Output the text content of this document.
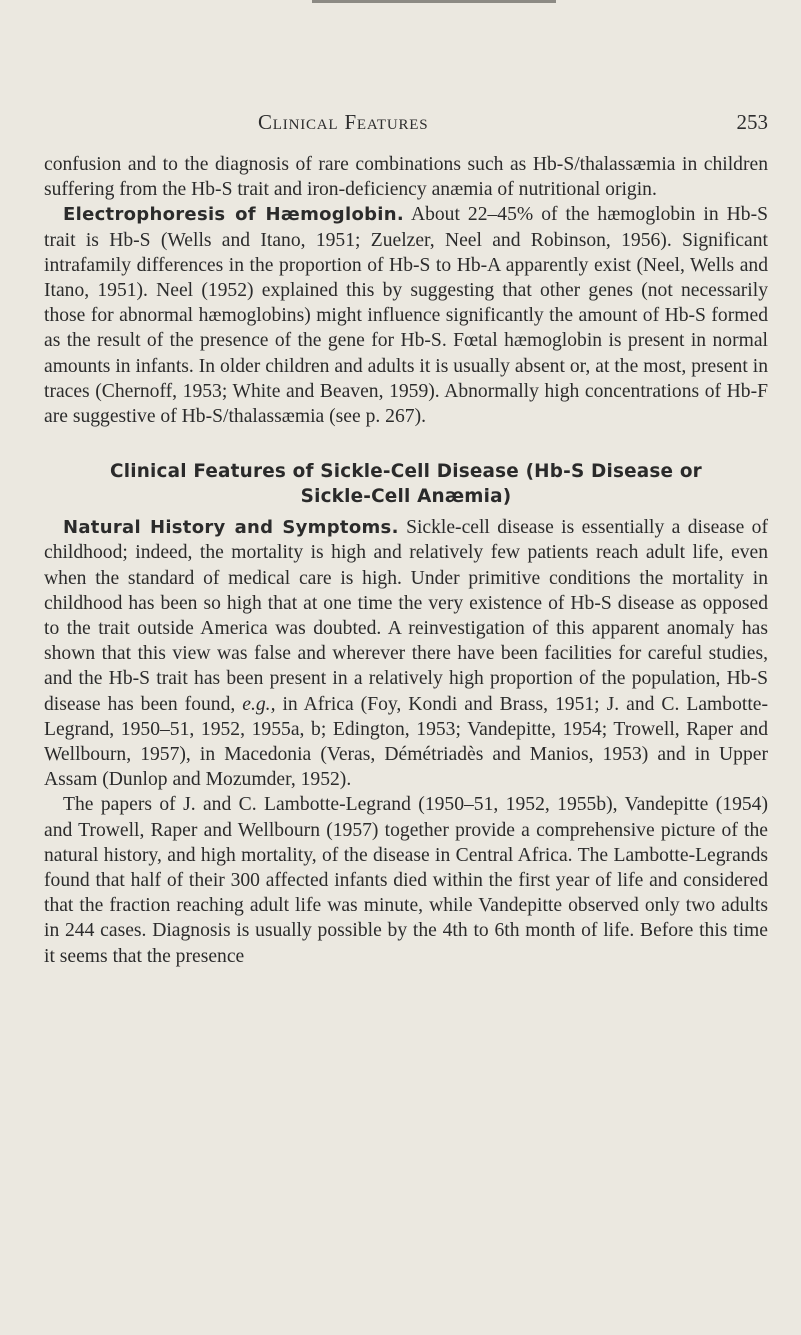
Clinical Features	253

confusion and to the diagnosis of rare combinations such as Hb-S/thalassæmia in children suffering from the Hb-S trait and iron-deficiency anæmia of nutritional origin.

Electrophoresis of Hæmoglobin. About 22–45% of the hæmoglobin in Hb-S trait is Hb-S (Wells and Itano, 1951; Zuelzer, Neel and Robinson, 1956). Significant intrafamily differences in the proportion of Hb-S to Hb-A apparently exist (Neel, Wells and Itano, 1951). Neel (1952) explained this by suggesting that other genes (not necessarily those for abnormal hæmoglobins) might influence significantly the amount of Hb-S formed as the result of the presence of the gene for Hb-S. Fœtal hæmoglobin is present in normal amounts in infants. In older children and adults it is usually absent or, at the most, present in traces (Chernoff, 1953; White and Beaven, 1959). Abnormally high concentrations of Hb-F are suggestive of Hb-S/thalassæmia (see p. 267).

Clinical Features of Sickle-Cell Disease (Hb-S Disease or
Sickle-Cell Anæmia)

Natural History and Symptoms. Sickle-cell disease is essentially a disease of childhood; indeed, the mortality is high and relatively few patients reach adult life, even when the standard of medical care is high. Under primitive conditions the mortality in childhood has been so high that at one time the very existence of Hb-S disease as opposed to the trait outside America was doubted. A reinvestigation of this apparent anomaly has shown that this view was false and wherever there have been facilities for careful studies, and the Hb-S trait has been present in a relatively high proportion of the population, Hb-S disease has been found, e.g., in Africa (Foy, Kondi and Brass, 1951; J. and C. Lambotte-Legrand, 1950–51, 1952, 1955a, b; Edington, 1953; Vandepitte, 1954; Trowell, Raper and Wellbourn, 1957), in Macedonia (Veras, Démétriadès and Manios, 1953) and in Upper Assam (Dunlop and Mozumder, 1952).

The papers of J. and C. Lambotte-Legrand (1950–51, 1952, 1955b), Vandepitte (1954) and Trowell, Raper and Wellbourn (1957) together provide a comprehensive picture of the natural history, and high mortality, of the disease in Central Africa. The Lambotte-Legrands found that half of their 300 affected infants died within the first year of life and considered that the fraction reaching adult life was minute, while Vandepitte observed only two adults in 244 cases. Diagnosis is usually possible by the 4th to 6th month of life. Before this time it seems that the presence
